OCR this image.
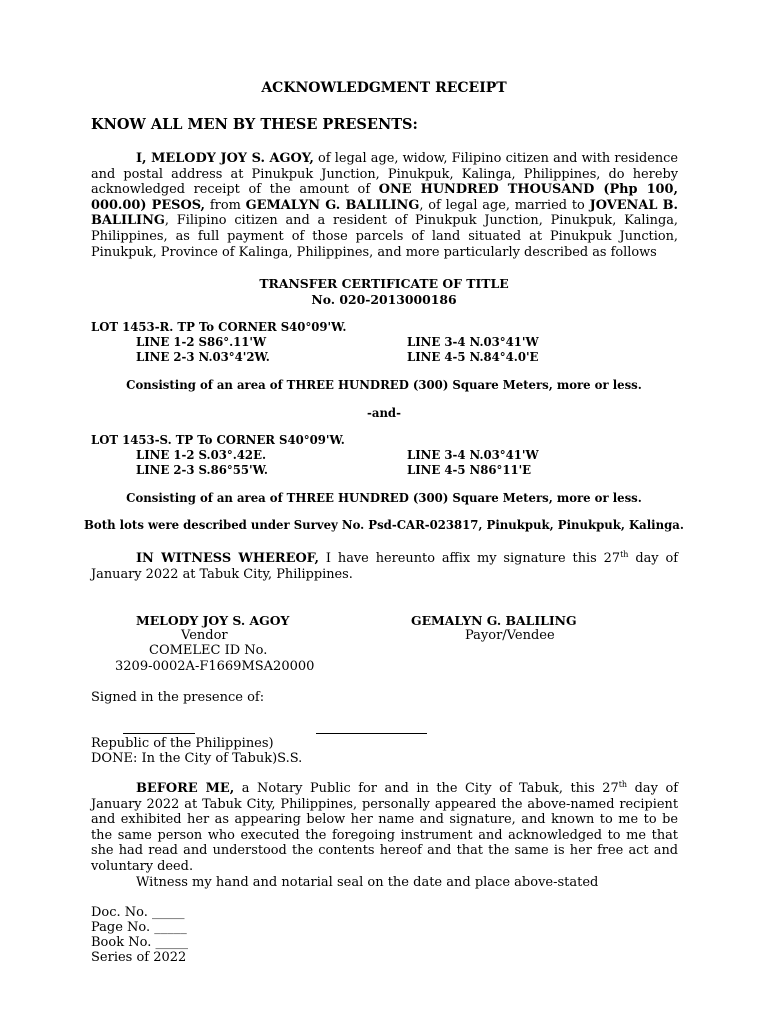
ACKNOWLEDGMENT RECEIPT
KNOW ALL MEN BY THESE PRESENTS:
I, MELODY JOY S. AGOY, of legal age, widow, Filipino citizen and with residence and postal address at Pinukpuk Junction, Pinukpuk, Kalinga, Philippines, do hereby acknowledged receipt of the amount of ONE HUNDRED THOUSAND (Php 100, 000.00) PESOS, from GEMALYN G. BALILING, of legal age, married to JOVENAL B. BALILING, Filipino citizen and a resident of Pinukpuk Junction, Pinukpuk, Kalinga, Philippines, as full payment of those parcels of land situated at Pinukpuk Junction, Pinukpuk, Province of Kalinga, Philippines, and more particularly described as follows
TRANSFER CERTIFICATE OF TITLE
No. 020-2013000186
LOT 1453-R. TP To CORNER S40°09'W.
LINE 1-2 S86°.11'W	LINE 3-4 N.03°41'W
LINE 2-3 N.03°4'2W.	LINE 4-5 N.84°4.0'E
Consisting of an area of THREE HUNDRED (300) Square Meters, more or less.
-and-
LOT 1453-S. TP To CORNER S40°09'W.
LINE 1-2 S.03°.42E.	LINE 3-4 N.03°41'W
LINE 2-3 S.86°55'W.	LINE 4-5 N86°11'E
Consisting of an area of THREE HUNDRED (300) Square Meters, more or less.
Both lots were described under Survey No. Psd-CAR-023817, Pinukpuk, Pinukpuk, Kalinga.
IN WITNESS WHEREOF, I have hereunto affix my signature this 27th day of January 2022 at Tabuk City, Philippines.
MELODY JOY S. AGOY
Vendor
COMELEC ID No.
3209-0002A-F1669MSA20000
GEMALYN G. BALILING
Payor/Vendee
Signed in the presence of:
Republic of the Philippines)
DONE: In the City of Tabuk)S.S.
BEFORE ME, a Notary Public for and in the City of Tabuk, this 27th day of January 2022 at Tabuk City, Philippines, personally appeared the above-named recipient and exhibited her as appearing below her name and signature, and known to me to be the same person who executed the foregoing instrument and acknowledged to me that she had read and understood the contents hereof and that the same is her free act and voluntary deed.
Witness my hand and notarial seal on the date and place above-stated
Doc. No. _____
Page No. _____
Book No. _____
Series of 2022
